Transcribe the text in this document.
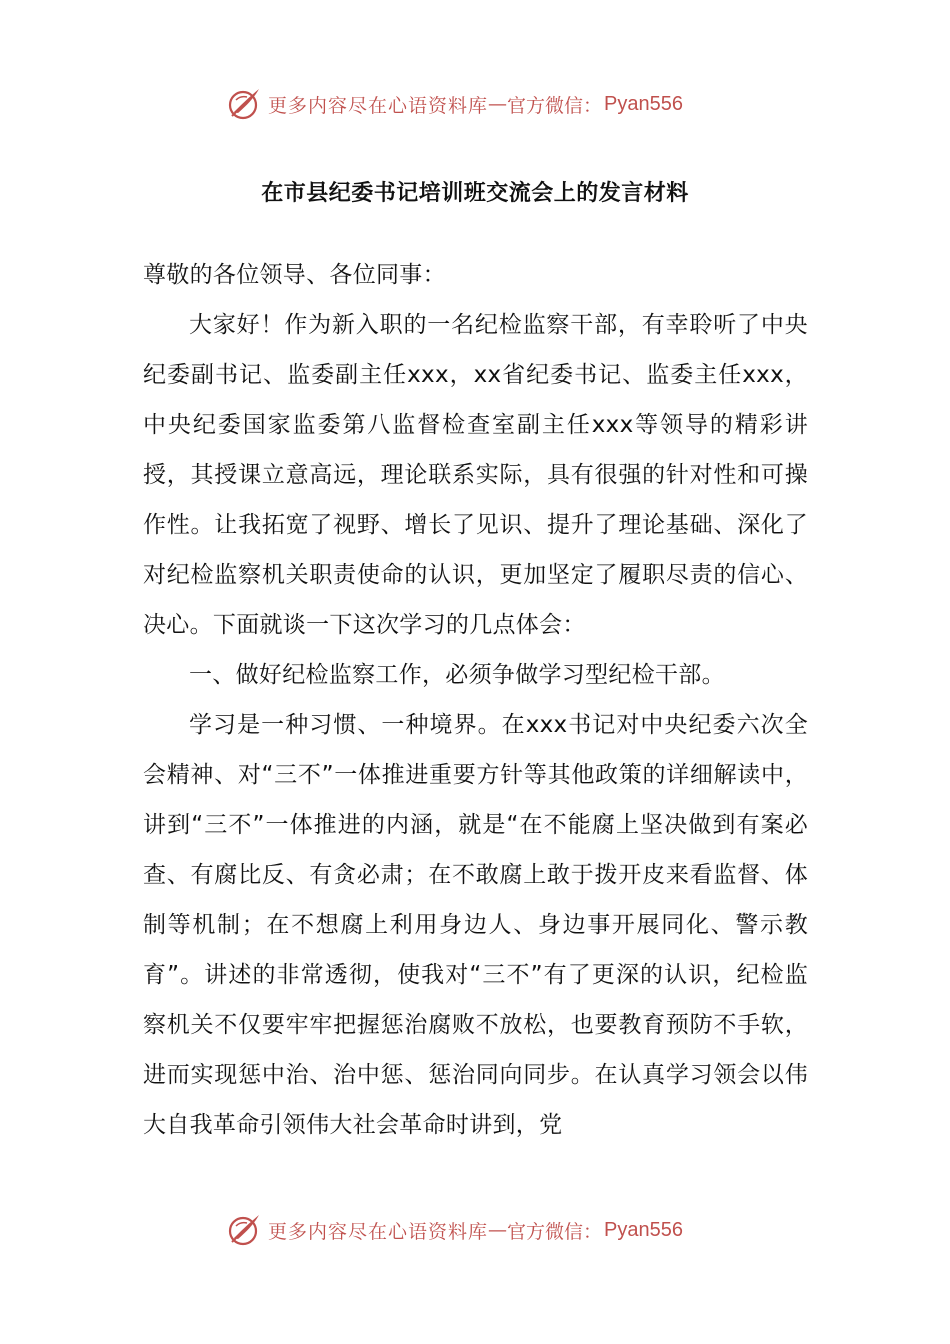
更多内容尽在心语资料库 — 官方微信： Pyan556
在市县纪委书记培训班交流会上的发言材料

尊敬的各位领导、各位同事：

大家好！作为新入职的一名纪检监察干部，有幸聆听了中央纪委副书记、监委副主任xxx，xx省纪委书记、监委主任xxx，中央纪委国家监委第八监督检查室副主任xxx等领导的精彩讲授，其授课立意高远，理论联系实际，具有很强的针对性和可操作性。让我拓宽了视野、增长了见识、提升了理论基础、深化了对纪检监察机关职责使命的认识，更加坚定了履职尽责的信心、决心。下面就谈一下这次学习的几点体会：

一、做好纪检监察工作，必须争做学习型纪检干部。

学习是一种习惯、一种境界。在xxx书记对中央纪委六次全会精神、对“三不”一体推进重要方针等其他政策的详细解读中，讲到“三不”一体推进的内涵，就是“在不能腐上坚决做到有案必查、有腐比反、有贪必肃；在不敢腐上敢于拨开皮来看监督、体制等机制；在不想腐上利用身边人、身边事开展同化、警示教育”。讲述的非常透彻，使我对“三不”有了更深的认识，纪检监察机关不仅要牢牢把握惩治腐败不放松，也要教育预防不手软，进而实现惩中治、治中惩、惩治同向同步。在认真学习领会以伟大自我革命引领伟大社会革命时讲到，党

更多内容尽在心语资料库 — 官方微信： Pyan556
